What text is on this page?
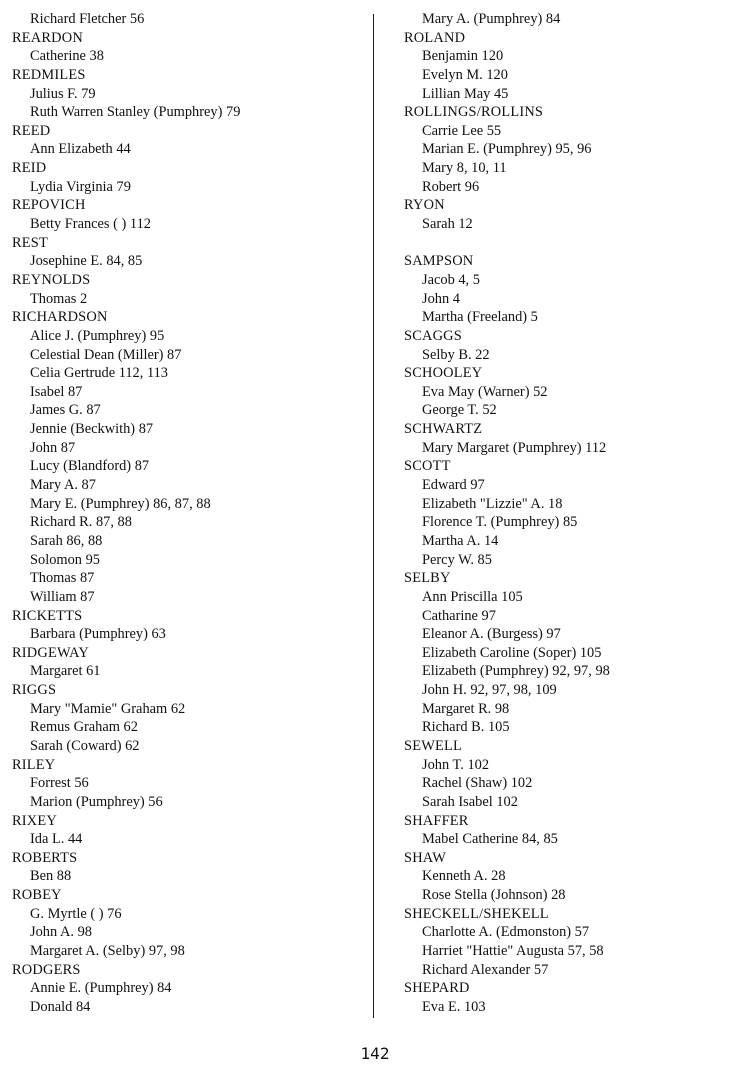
Richard Fletcher 56
REARDON
Catherine 38
REDMILES
Julius F. 79
Ruth Warren Stanley (Pumphrey) 79
REED
Ann Elizabeth 44
REID
Lydia Virginia 79
REPOVICH
Betty Frances ( ) 112
REST
Josephine E. 84, 85
REYNOLDS
Thomas 2
RICHARDSON
Alice J. (Pumphrey) 95
Celestial Dean (Miller) 87
Celia Gertrude 112, 113
Isabel 87
James G. 87
Jennie (Beckwith) 87
John 87
Lucy (Blandford) 87
Mary A. 87
Mary E. (Pumphrey) 86, 87, 88
Richard R. 87, 88
Sarah 86, 88
Solomon 95
Thomas 87
William 87
RICKETTS
Barbara (Pumphrey) 63
RIDGEWAY
Margaret 61
RIGGS
Mary "Mamie" Graham 62
Remus Graham 62
Sarah (Coward) 62
RILEY
Forrest 56
Marion (Pumphrey) 56
RIXEY
Ida L. 44
ROBERTS
Ben 88
ROBEY
G. Myrtle ( ) 76
John A. 98
Margaret A. (Selby) 97, 98
RODGERS
Annie E. (Pumphrey) 84
Donald 84
Mary A. (Pumphrey) 84
ROLAND
Benjamin 120
Evelyn M. 120
Lillian May 45
ROLLINGS/ROLLINS
Carrie Lee 55
Marian E. (Pumphrey) 95, 96
Mary 8, 10, 11
Robert 96
RYON
Sarah 12
SAMPSON
Jacob 4, 5
John 4
Martha (Freeland) 5
SCAGGS
Selby B. 22
SCHOOLEY
Eva May (Warner) 52
George T. 52
SCHWARTZ
Mary Margaret (Pumphrey) 112
SCOTT
Edward 97
Elizabeth "Lizzie" A. 18
Florence T. (Pumphrey) 85
Martha A. 14
Percy W. 85
SELBY
Ann Priscilla 105
Catharine 97
Eleanor A. (Burgess) 97
Elizabeth Caroline (Soper) 105
Elizabeth (Pumphrey) 92, 97, 98
John H. 92, 97, 98, 109
Margaret R. 98
Richard B. 105
SEWELL
John T. 102
Rachel (Shaw) 102
Sarah Isabel 102
SHAFFER
Mabel Catherine 84, 85
SHAW
Kenneth A. 28
Rose Stella (Johnson) 28
SHECKELL/SHEKELL
Charlotte A. (Edmonston) 57
Harriet "Hattie" Augusta 57, 58
Richard Alexander 57
SHEPARD
Eva E. 103
142
